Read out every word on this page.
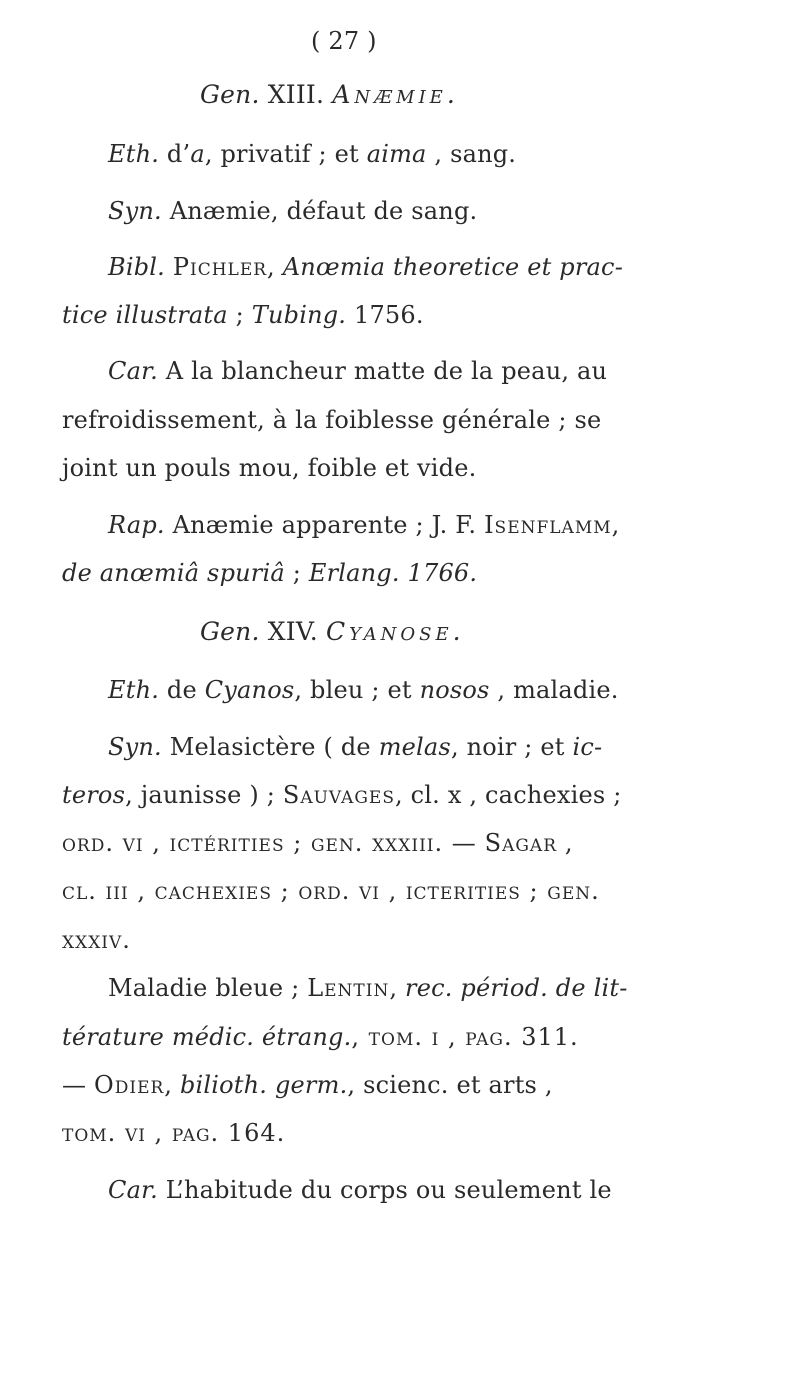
( 27 )
Gen. XIII. Anæmie.
Eth. d’a, privatif ; et aima , sang.
Syn. Anæmie, défaut de sang.
Bibl. Pichler, Anœmia theoretice et prac-
tice illustrata ; Tubing. 1756.
Car. A la blancheur matte de la peau, au
refroidissement, à la foiblesse générale ; se
joint un pouls mou, foible et vide.
Rap. Anæmie apparente ; J. F. Isenflamm,
de anœmiâ spuriâ ; Erlang. 1766.
Gen. XIV. Cyanose.
Eth. de Cyanos, bleu ; et nosos , maladie.
Syn. Melasictère ( de melas, noir ; et ic-
teros, jaunisse ) ; Sauvages, cl. x , cachexies ;
ord. vi , ictérities ; gen. xxxiii. — Sagar ,
cl. iii , cachexies ; ord. vi , icterities ; gen.
xxxiv.
Maladie bleue ; Lentin, rec. périod. de lit-
térature médic. étrang., tom. i , pag. 311.
— Odier, bilioth. germ., scienc. et arts ,
tom. vi , pag. 164.
Car. L’habitude du corps ou seulement le
